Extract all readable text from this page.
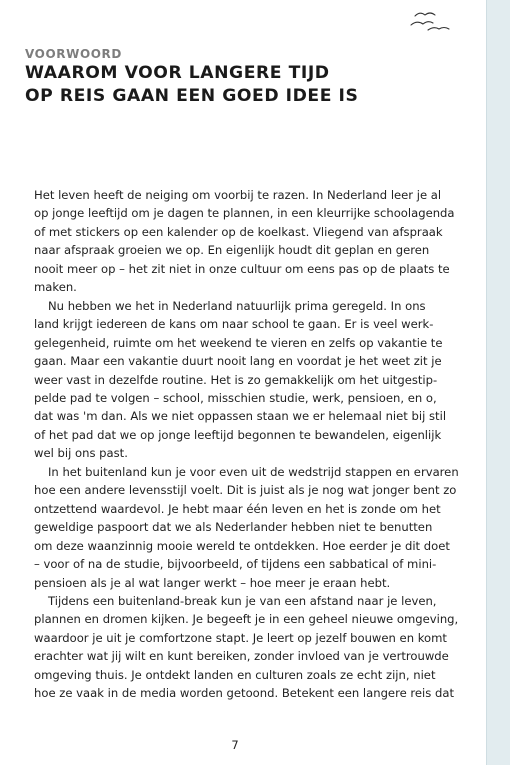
VOORWOORD
WAAROM VOOR LANGERE TIJD
OP REIS GAAN EEN GOED IDEE IS

Het leven heeft de neiging om voorbij te razen. In Nederland leer je al
op jonge leeftijd om je dagen te plannen, in een kleurrijke schoolagenda
of met stickers op een kalender op de koelkast. Vliegend van afspraak
naar afspraak groeien we op. En eigenlijk houdt dit geplan en geren
nooit meer op – het zit niet in onze cultuur om eens pas op de plaats te
maken.

Nu hebben we het in Nederland natuurlijk prima geregeld. In ons
land krijgt iedereen de kans om naar school te gaan. Er is veel werk-
gelegenheid, ruimte om het weekend te vieren en zelfs op vakantie te
gaan. Maar een vakantie duurt nooit lang en voordat je het weet zit je
weer vast in dezelfde routine. Het is zo gemakkelijk om het uitgestip-
pelde pad te volgen – school, misschien studie, werk, pensioen, en o,
dat was 'm dan. Als we niet oppassen staan we er helemaal niet bij stil
of het pad dat we op jonge leeftijd begonnen te bewandelen, eigenlijk
wel bij ons past.

In het buitenland kun je voor even uit de wedstrijd stappen en ervaren
hoe een andere levensstijl voelt. Dit is juist als je nog wat jonger bent zo
ontzettend waardevol. Je hebt maar één leven en het is zonde om het
geweldige paspoort dat we als Nederlander hebben niet te benutten
om deze waanzinnig mooie wereld te ontdekken. Hoe eerder je dit doet
– voor of na de studie, bijvoorbeeld, of tijdens een sabbatical of mini-
pensioen als je al wat langer werkt – hoe meer je eraan hebt.

Tijdens een buitenland-break kun je van een afstand naar je leven,
plannen en dromen kijken. Je begeeft je in een geheel nieuwe omgeving,
waardoor je uit je comfortzone stapt. Je leert op jezelf bouwen en komt
erachter wat jij wilt en kunt bereiken, zonder invloed van je vertrouwde
omgeving thuis. Je ontdekt landen en culturen zoals ze echt zijn, niet
hoe ze vaak in de media worden getoond. Betekent een langere reis dat

7
